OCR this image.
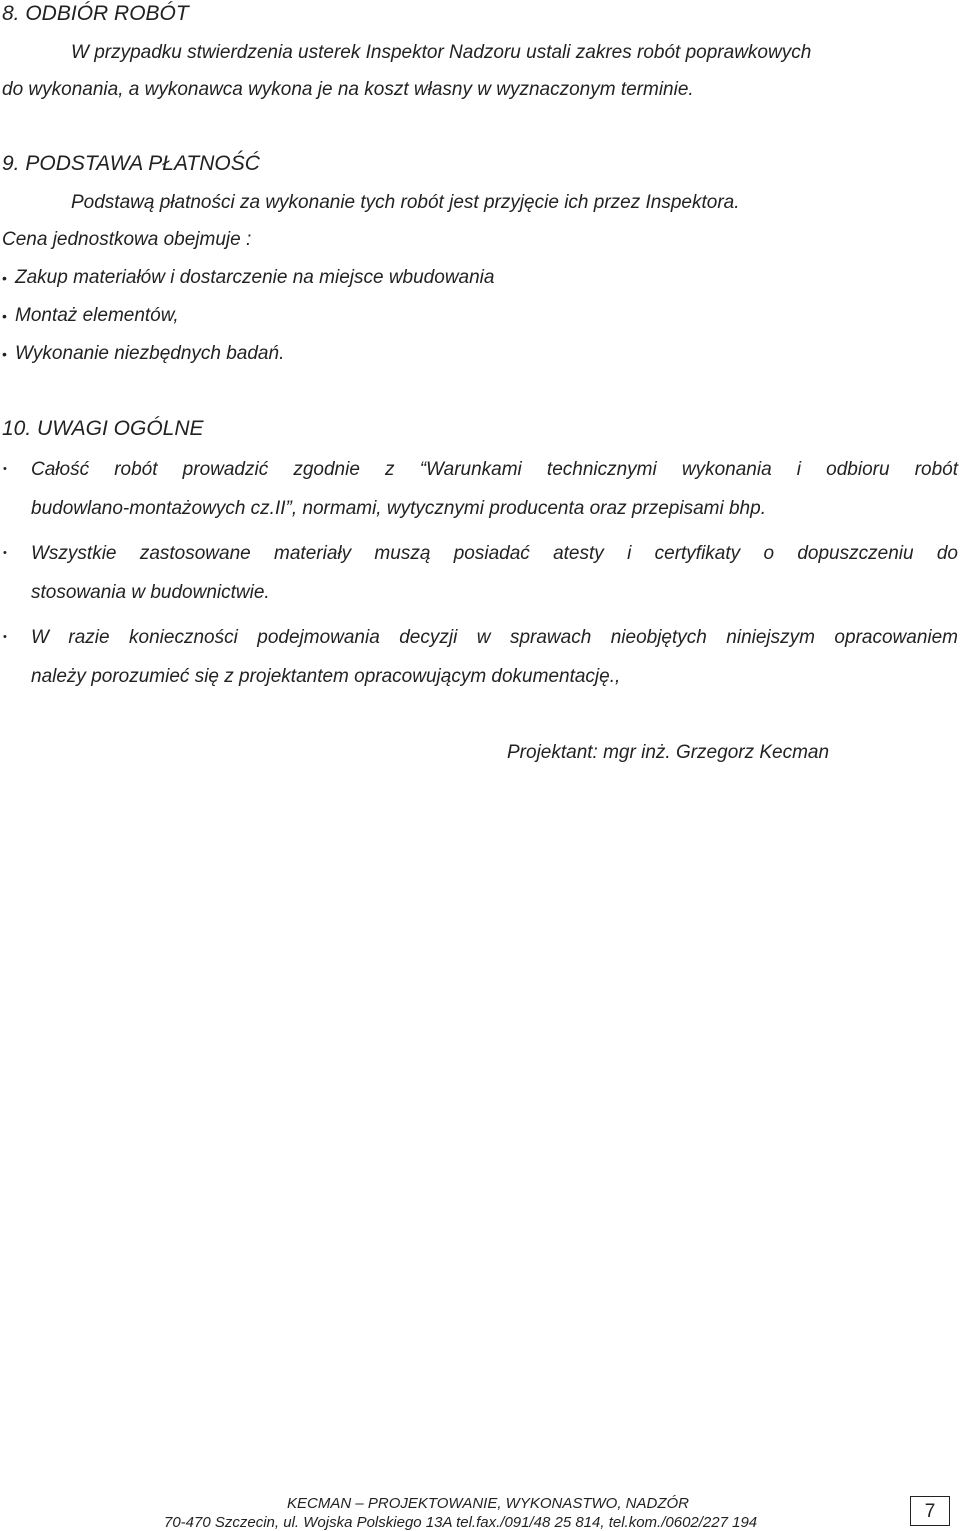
8. ODBIÓR ROBÓT
W przypadku stwierdzenia usterek Inspektor Nadzoru ustali zakres robót poprawkowych
do wykonania, a wykonawca wykona je na koszt własny w wyznaczonym terminie.
9. PODSTAWA PŁATNOŚĆ
Podstawą płatności za wykonanie tych robót jest przyjęcie ich przez Inspektora.
Cena jednostkowa obejmuje :
• Zakup materiałów i dostarczenie na miejsce wbudowania
• Montaż elementów,
• Wykonanie niezbędnych badań.
10. UWAGI OGÓLNE
• Całość robót prowadzić zgodnie z “Warunkami technicznymi wykonania i odbioru robót
budowlano-montażowych cz.II”, normami, wytycznymi producenta oraz przepisami bhp.
• Wszystkie zastosowane materiały muszą posiadać atesty i certyfikaty o dopuszczeniu do
stosowania w budownictwie.
• W razie konieczności podejmowania decyzji w sprawach nieobjętych niniejszym opracowaniem
należy porozumieć się z projektantem opracowującym dokumentację.,
Projektant: mgr inż. Grzegorz Kecman
KECMAN – PROJEKTOWANIE, WYKONASTWO, NADZÓR
70-470 Szczecin, ul. Wojska Polskiego 13A tel.fax./091/48 25 814, tel.kom./0602/227 194
7
